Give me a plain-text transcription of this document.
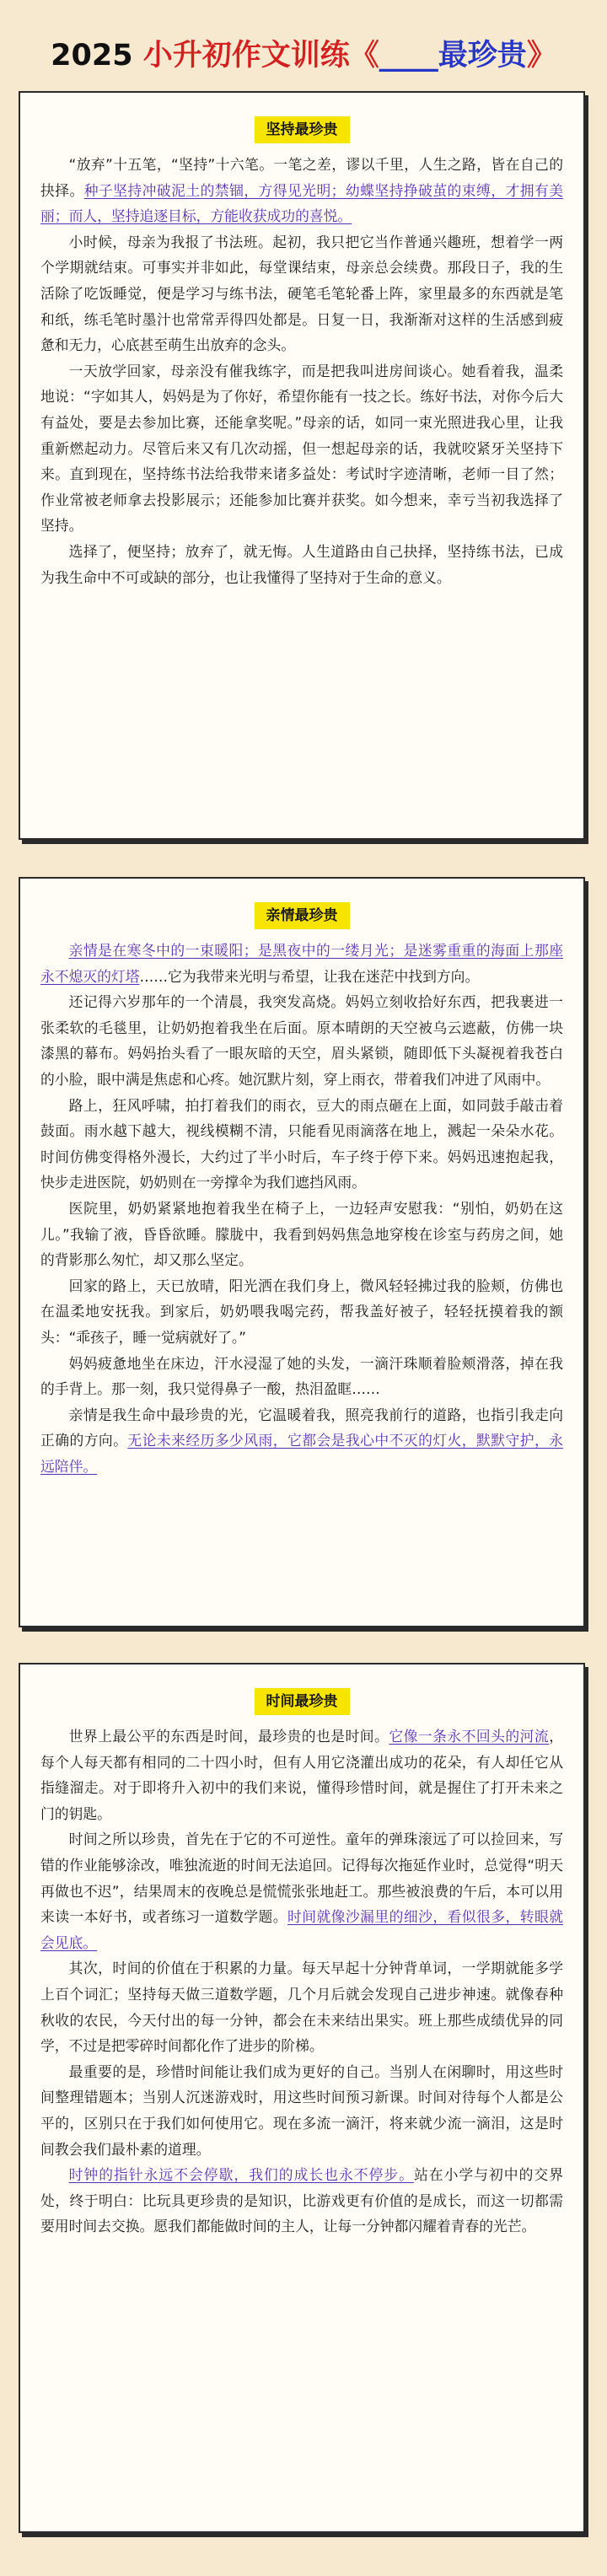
2025 小升初作文训练《____最珍贵》
坚持最珍贵

“放弃”十五笔，“坚持”十六笔。一笔之差，谬以千里，人生之路，皆在自己的抉择。种子坚持冲破泥土的禁锢，方得见光明；幼蝶坚持挣破茧的束缚，才拥有美丽；而人，坚持追逐目标，方能收获成功的喜悦。

小时候，母亲为我报了书法班。起初，我只把它当作普通兴趣班，想着学一两个学期就结束。可事实并非如此，每堂课结束，母亲总会续费。那段日子，我的生活除了吃饭睡觉，便是学习与练书法，硬笔毛笔轮番上阵，家里最多的东西就是笔和纸，练毛笔时墨汁也常常弄得四处都是。日复一日，我渐渐对这样的生活感到疲惫和无力，心底甚至萌生出放弃的念头。

一天放学回家，母亲没有催我练字，而是把我叫进房间谈心。她看着我，温柔地说：“字如其人，妈妈是为了你好，希望你能有一技之长。练好书法，对你今后大有益处，要是去参加比赛，还能拿奖呢。”母亲的话，如同一束光照进我心里，让我重新燃起动力。尽管后来又有几次动摇，但一想起母亲的话，我就咬紧牙关坚持下来。直到现在，坚持练书法给我带来诸多益处：考试时字迹清晰，老师一目了然；作业常被老师拿去投影展示；还能参加比赛并获奖。如今想来，幸亏当初我选择了坚持。

选择了，便坚持；放弃了，就无悔。人生道路由自己抉择，坚持练书法，已成为我生命中不可或缺的部分，也让我懂得了坚持对于生命的意义。

亲情最珍贵

亲情是在寒冬中的一束暖阳；是黑夜中的一缕月光；是迷雾重重的海面上那座永不熄灭的灯塔……它为我带来光明与希望，让我在迷茫中找到方向。

还记得六岁那年的一个清晨，我突发高烧。妈妈立刻收拾好东西，把我裹进一张柔软的毛毯里，让奶奶抱着我坐在后面。原本晴朗的天空被乌云遮蔽，仿佛一块漆黑的幕布。妈妈抬头看了一眼灰暗的天空，眉头紧锁，随即低下头凝视着我苍白的小脸，眼中满是焦虑和心疼。她沉默片刻，穿上雨衣，带着我们冲进了风雨中。

路上，狂风呼啸，拍打着我们的雨衣，豆大的雨点砸在上面，如同鼓手敲击着鼓面。雨水越下越大，视线模糊不清，只能看见雨滴落在地上，溅起一朵朵水花。时间仿佛变得格外漫长，大约过了半小时后，车子终于停下来。妈妈迅速抱起我，快步走进医院，奶奶则在一旁撑伞为我们遮挡风雨。

医院里，奶奶紧紧地抱着我坐在椅子上，一边轻声安慰我：“别怕，奶奶在这儿。”我输了液，昏昏欲睡。朦胧中，我看到妈妈焦急地穿梭在诊室与药房之间，她的背影那么匆忙，却又那么坚定。

回家的路上，天已放晴，阳光洒在我们身上，微风轻轻拂过我的脸颊，仿佛也在温柔地安抚我。到家后，奶奶喂我喝完药，帮我盖好被子，轻轻抚摸着我的额头：“乖孩子，睡一觉病就好了。”

妈妈疲惫地坐在床边，汗水浸湿了她的头发，一滴汗珠顺着脸颊滑落，掉在我的手背上。那一刻，我只觉得鼻子一酸，热泪盈眶……

亲情是我生命中最珍贵的光，它温暖着我，照亮我前行的道路，也指引我走向正确的方向。无论未来经历多少风雨，它都会是我心中不灭的灯火，默默守护，永远陪伴。

时间最珍贵

世界上最公平的东西是时间，最珍贵的也是时间。它像一条永不回头的河流，每个人每天都有相同的二十四小时，但有人用它浇灌出成功的花朵，有人却任它从指缝溜走。对于即将升入初中的我们来说，懂得珍惜时间，就是握住了打开未来之门的钥匙。

时间之所以珍贵，首先在于它的不可逆性。童年的弹珠滚远了可以捡回来，写错的作业能够涂改，唯独流逝的时间无法追回。记得每次拖延作业时，总觉得“明天再做也不迟”，结果周末的夜晚总是慌慌张张地赶工。那些被浪费的午后，本可以用来读一本好书，或者练习一道数学题。时间就像沙漏里的细沙，看似很多，转眼就会见底。

其次，时间的价值在于积累的力量。每天早起十分钟背单词，一学期就能多学上百个词汇；坚持每天做三道数学题，几个月后就会发现自己进步神速。就像春种秋收的农民，今天付出的每一分钟，都会在未来结出果实。班上那些成绩优异的同学，不过是把零碎时间都化作了进步的阶梯。

最重要的是，珍惜时间能让我们成为更好的自己。当别人在闲聊时，用这些时间整理错题本；当别人沉迷游戏时，用这些时间预习新课。时间对待每个人都是公平的，区别只在于我们如何使用它。现在多流一滴汗，将来就少流一滴泪，这是时间教会我们最朴素的道理。

时钟的指针永远不会停歇，我们的成长也永不停步。站在小学与初中的交界处，终于明白：比玩具更珍贵的是知识，比游戏更有价值的是成长，而这一切都需要用时间去交换。愿我们都能做时间的主人，让每一分钟都闪耀着青春的光芒。
